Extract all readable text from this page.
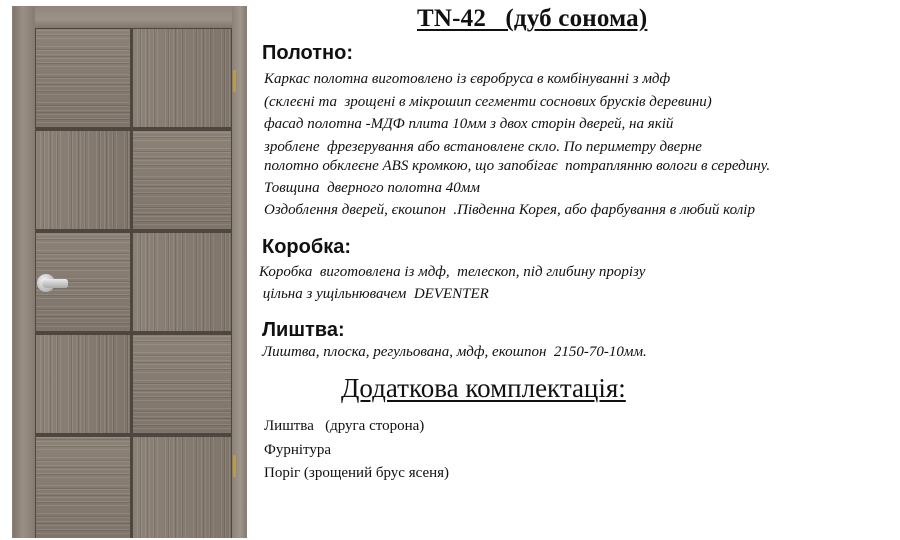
TN-42   (дуб сонома)
Полотно:
Каркас полотна виготовлено із євробруса в комбінуванні з мдф
(склеєні та  зрощені в мікрошип сегменти соснових брусків деревини)
фасад полотна -МДФ плита 10мм з двох сторін дверей, на якій
зроблене  фрезерування або встановлене скло. По периметру дверне
полотно обклеєне ABS кромкою, що запобігає  потраплянню вологи в середину.
Товщина  дверного полотна 40мм
Оздоблення дверей, єкошпон  .Південна Корея, або фарбування в любий колір
Коробка:
Коробка  виготовлена із мдф,  телескоп, під глибину прорізу
цільна з ущільнювачем  DEVENTER
Лиштва:
Лиштва, плоска, регульована, мдф, екошпон  2150-70-10мм.
Додаткова комплектація:
Лиштва   (друга сторона)
Фурнітура
Поріг (зрощений брус ясеня)
